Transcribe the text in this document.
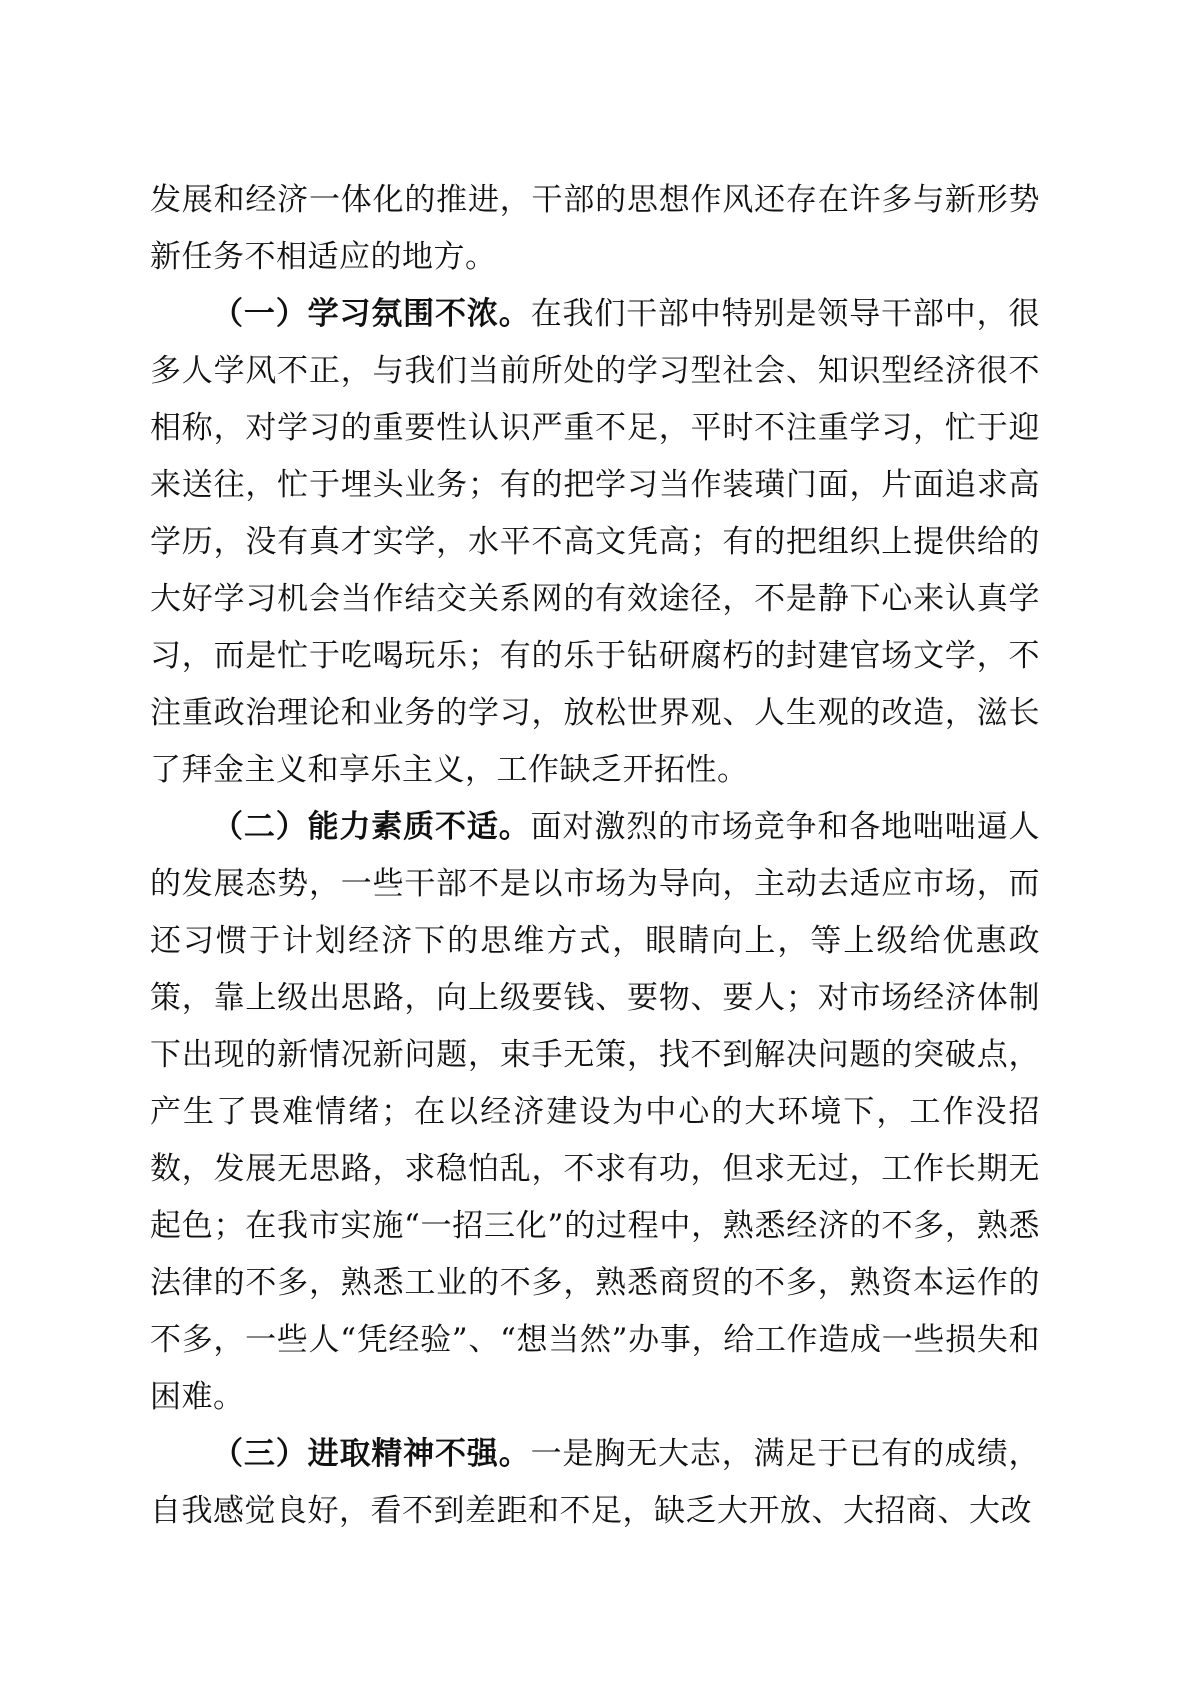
发展和经济一体化的推进，干部的思想作风还存在许多与新形势新任务不相适应的地方。

（一）学习氛围不浓。在我们干部中特别是领导干部中，很多人学风不正，与我们当前所处的学习型社会、知识型经济很不相称，对学习的重要性认识严重不足，平时不注重学习，忙于迎来送往，忙于埋头业务；有的把学习当作装璜门面，片面追求高学历，没有真才实学，水平不高文凭高；有的把组织上提供给的大好学习机会当作结交关系网的有效途径，不是静下心来认真学习，而是忙于吃喝玩乐；有的乐于钻研腐朽的封建官场文学，不注重政治理论和业务的学习，放松世界观、人生观的改造，滋长了拜金主义和享乐主义，工作缺乏开拓性。

（二）能力素质不适。面对激烈的市场竞争和各地咄咄逼人的发展态势，一些干部不是以市场为导向，主动去适应市场，而还习惯于计划经济下的思维方式，眼睛向上，等上级给优惠政策，靠上级出思路，向上级要钱、要物、要人；对市场经济体制下出现的新情况新问题，束手无策，找不到解决问题的突破点，产生了畏难情绪；在以经济建设为中心的大环境下，工作没招数，发展无思路，求稳怕乱，不求有功，但求无过，工作长期无起色；在我市实施“一招三化”的过程中，熟悉经济的不多，熟悉法律的不多，熟悉工业的不多，熟悉商贸的不多，熟资本运作的不多，一些人“凭经验”、“想当然”办事，给工作造成一些损失和困难。

（三）进取精神不强。一是胸无大志，满足于已有的成绩，自我感觉良好，看不到差距和不足，缺乏大开放、大招商、大改
